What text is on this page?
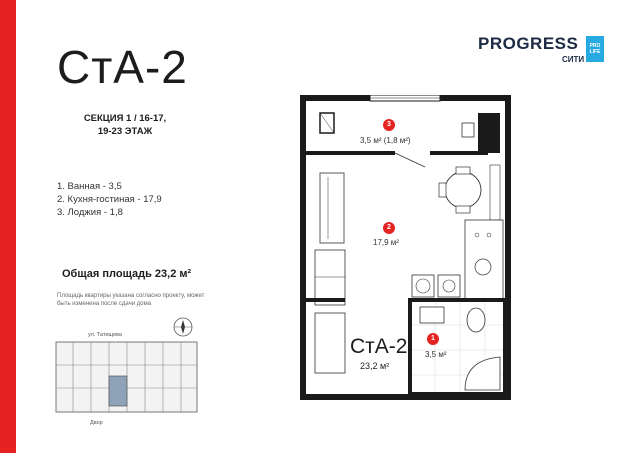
СтА-2
СЕКЦИЯ 1 / 16-17,
19-23 ЭТАЖ
1. Ванная - 3,5
2. Кухня-гостиная - 17,9
3. Лоджия - 1,8
Общая площадь 23,2 м²
Площадь квартиры указана согласно проекту, может быть изменена после сдачи дома
ул. Татищева
Двор
PROGRESS
СИТИ
PRO
LIFE
3
3,5 м² (1,8 м²)
2
17,9 м²
1
3,5 м²
СтА-2
23,2 м²
